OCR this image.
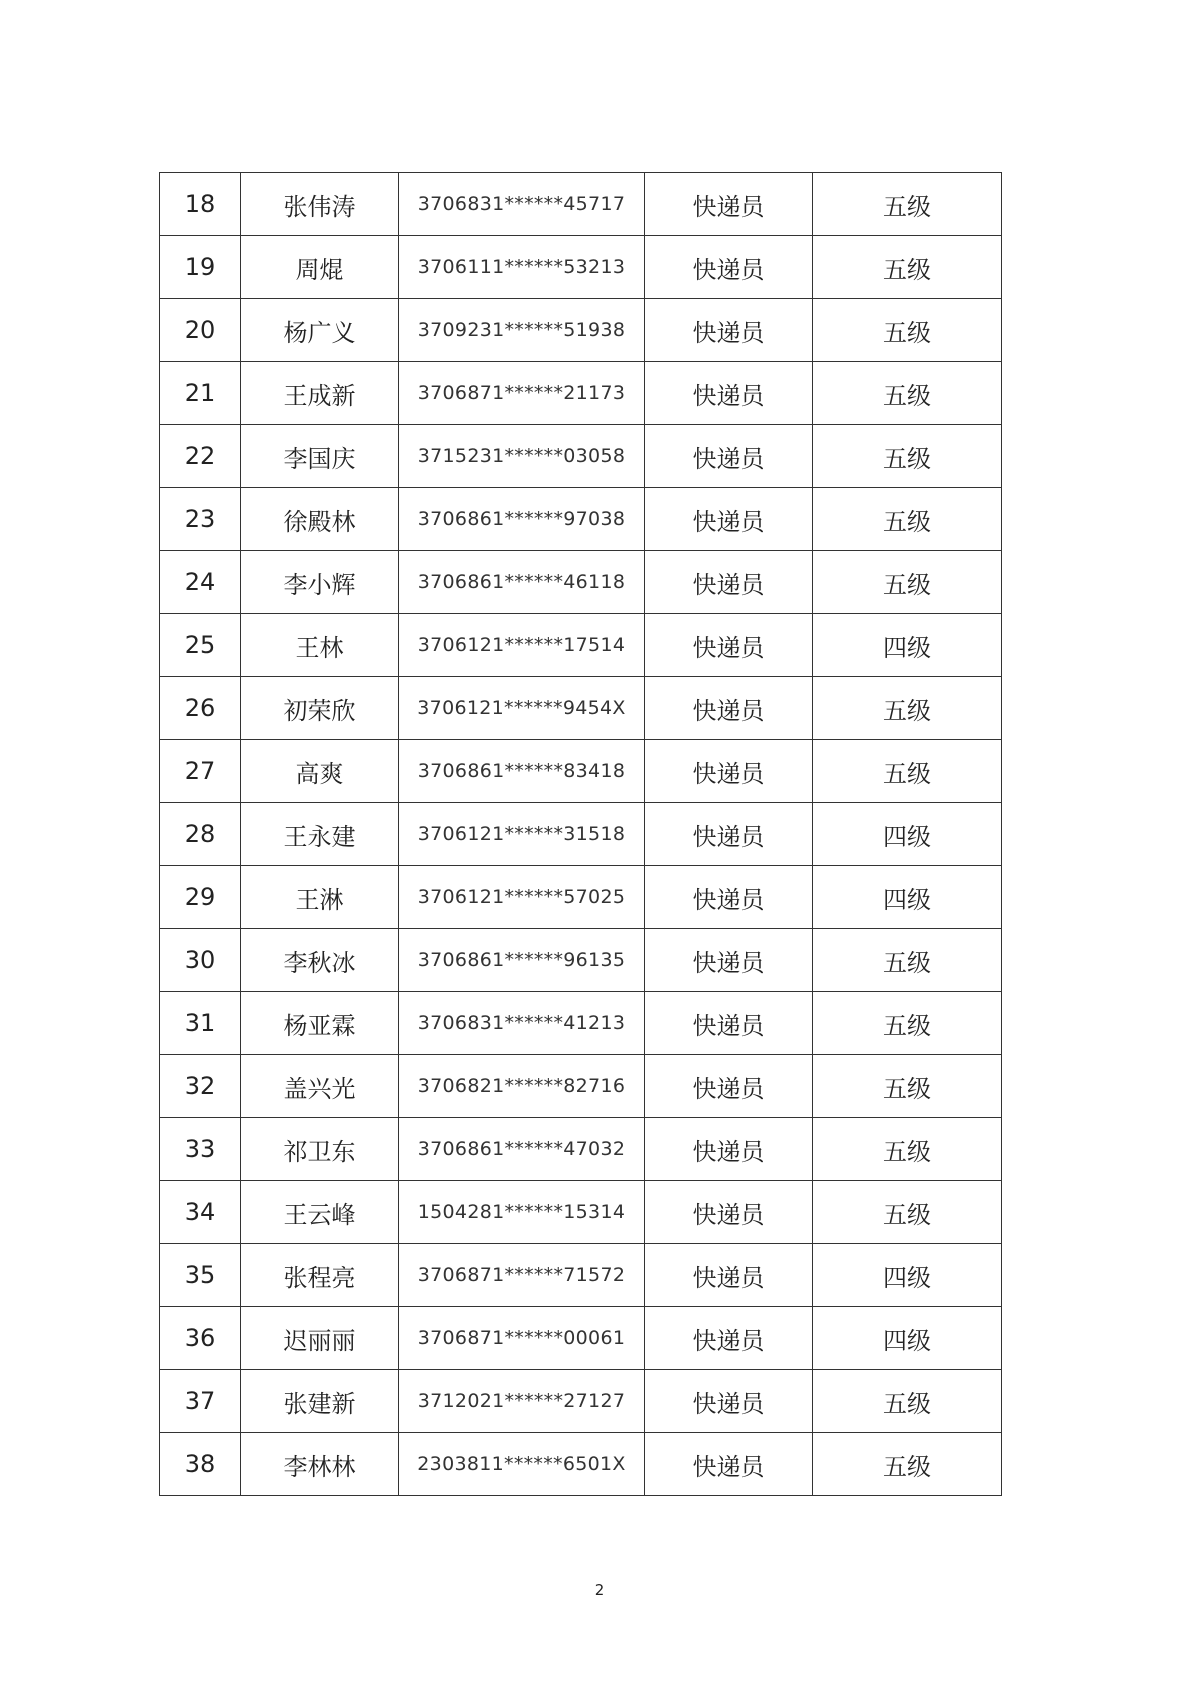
18	张伟涛	3706831******45717	快递员	五级
19	周焜	3706111******53213	快递员	五级
20	杨广义	3709231******51938	快递员	五级
21	王成新	3706871******21173	快递员	五级
22	李国庆	3715231******03058	快递员	五级
23	徐殿林	3706861******97038	快递员	五级
24	李小辉	3706861******46118	快递员	五级
25	王林	3706121******17514	快递员	四级
26	初荣欣	3706121******9454X	快递员	五级
27	高爽	3706861******83418	快递员	五级
28	王永建	3706121******31518	快递员	四级
29	王淋	3706121******57025	快递员	四级
30	李秋冰	3706861******96135	快递员	五级
31	杨亚霖	3706831******41213	快递员	五级
32	盖兴光	3706821******82716	快递员	五级
33	祁卫东	3706861******47032	快递员	五级
34	王云峰	1504281******15314	快递员	五级
35	张程亮	3706871******71572	快递员	四级
36	迟丽丽	3706871******00061	快递员	四级
37	张建新	3712021******27127	快递员	五级
38	李林林	2303811******6501X	快递员	五级
2
